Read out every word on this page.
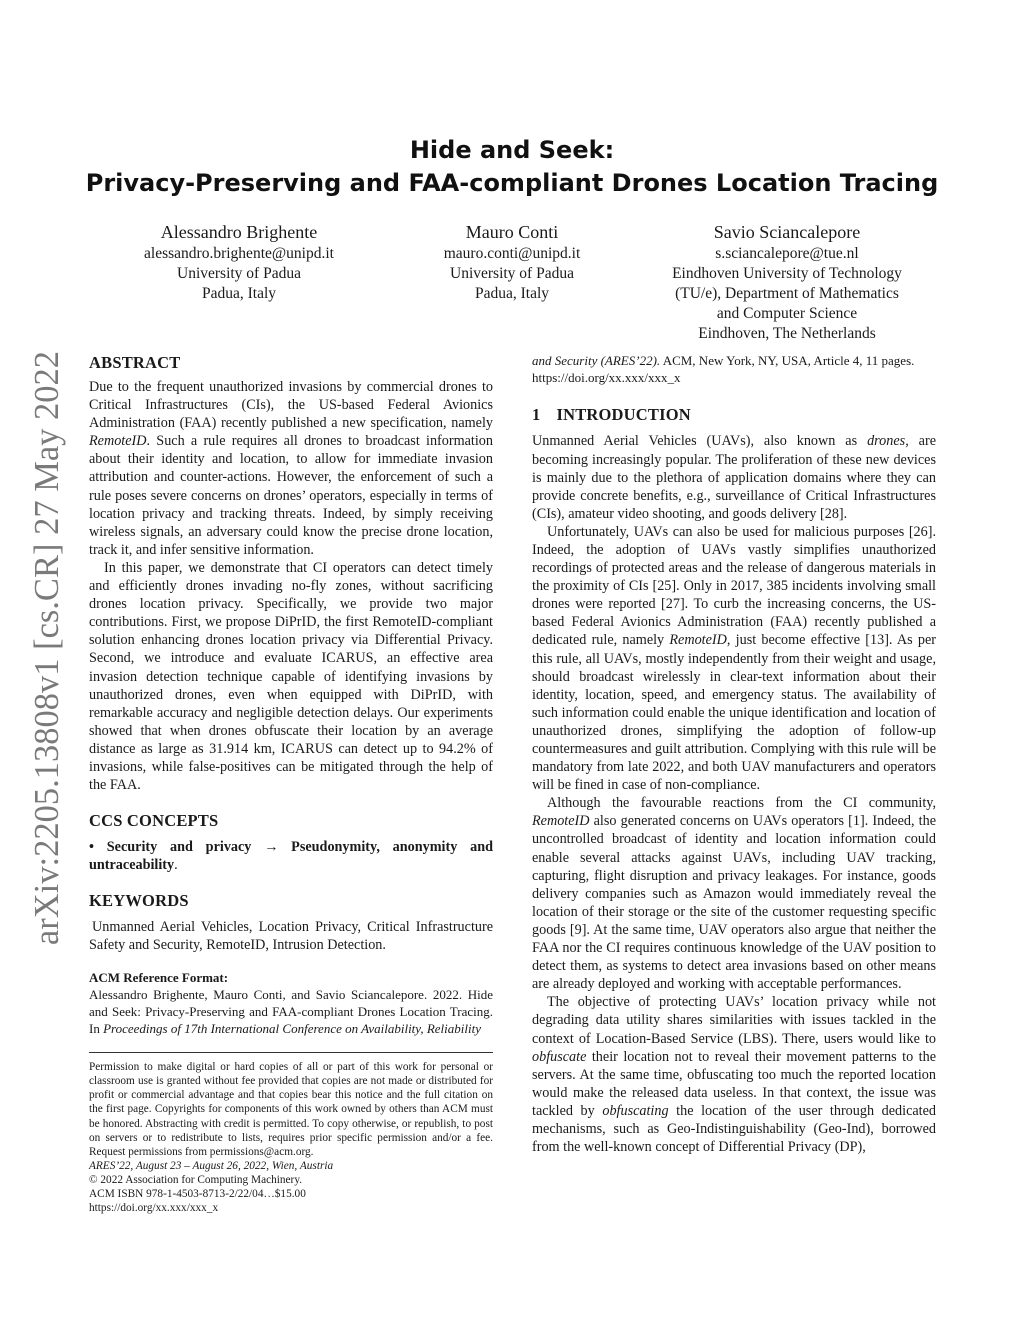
arXiv:2205.13808v1 [cs.CR] 27 May 2022
Hide and Seek:
Privacy-Preserving and FAA-compliant Drones Location Tracing
Alessandro Brighente
alessandro.brighente@unipd.it
University of Padua
Padua, Italy
Mauro Conti
mauro.conti@unipd.it
University of Padua
Padua, Italy
Savio Sciancalepore
s.sciancalepore@tue.nl
Eindhoven University of Technology
(TU/e), Department of Mathematics
and Computer Science
Eindhoven, The Netherlands
ABSTRACT

Due to the frequent unauthorized invasions by commercial drones to Critical Infrastructures (CIs), the US-based Federal Avionics Administration (FAA) recently published a new specification, namely RemoteID. Such a rule requires all drones to broadcast information about their identity and location, to allow for immediate invasion attribution and counter-actions. However, the enforcement of such a rule poses severe concerns on drones’ operators, especially in terms of location privacy and tracking threats. Indeed, by simply receiving wireless signals, an adversary could know the precise drone location, track it, and infer sensitive information.

In this paper, we demonstrate that CI operators can detect timely and efficiently drones invading no-fly zones, without sacrificing drones location privacy. Specifically, we provide two major contributions. First, we propose DiPrID, the first RemoteID-compliant solution enhancing drones location privacy via Differential Privacy. Second, we introduce and evaluate ICARUS, an effective area invasion detection technique capable of identifying invasions by unauthorized drones, even when equipped with DiPrID, with remarkable accuracy and negligible detection delays. Our experiments showed that when drones obfuscate their location by an average distance as large as 31.914 km, ICARUS can detect up to 94.2% of invasions, while false-positives can be mitigated through the help of the FAA.

CCS CONCEPTS

• Security and privacy → Pseudonymity, anonymity and untraceability.

KEYWORDS

Unmanned Aerial Vehicles, Location Privacy, Critical Infrastructure Safety and Security, RemoteID, Intrusion Detection.

ACM Reference Format:

Alessandro Brighente, Mauro Conti, and Savio Sciancalepore. 2022. Hide and Seek: Privacy-Preserving and FAA-compliant Drones Location Tracing. In Proceedings of 17th International Conference on Availability, Reliability

Permission to make digital or hard copies of all or part of this work for personal or classroom use is granted without fee provided that copies are not made or distributed for profit or commercial advantage and that copies bear this notice and the full citation on the first page. Copyrights for components of this work owned by others than ACM must be honored. Abstracting with credit is permitted. To copy otherwise, or republish, to post on servers or to redistribute to lists, requires prior specific permission and/or a fee. Request permissions from permissions@acm.org.

ARES’22, August 23 – August 26, 2022, Wien, Austria

© 2022 Association for Computing Machinery.

ACM ISBN 978-1-4503-8713-2/22/04…$15.00

https://doi.org/xx.xxx/xxx_x

and Security (ARES’22). ACM, New York, NY, USA, Article 4, 11 pages. https://doi.org/xx.xxx/xxx_x

1 INTRODUCTION

Unmanned Aerial Vehicles (UAVs), also known as drones, are becoming increasingly popular. The proliferation of these new devices is mainly due to the plethora of application domains where they can provide concrete benefits, e.g., surveillance of Critical Infrastructures (CIs), amateur video shooting, and goods delivery [28].

Unfortunately, UAVs can also be used for malicious purposes [26]. Indeed, the adoption of UAVs vastly simplifies unauthorized recordings of protected areas and the release of dangerous materials in the proximity of CIs [25]. Only in 2017, 385 incidents involving small drones were reported [27]. To curb the increasing concerns, the US-based Federal Avionics Administration (FAA) recently published a dedicated rule, namely RemoteID, just become effective [13]. As per this rule, all UAVs, mostly independently from their weight and usage, should broadcast wirelessly in clear-text information about their identity, location, speed, and emergency status. The availability of such information could enable the unique identification and location of unauthorized drones, simplifying the adoption of follow-up countermeasures and guilt attribution. Complying with this rule will be mandatory from late 2022, and both UAV manufacturers and operators will be fined in case of non-compliance.

Although the favourable reactions from the CI community, RemoteID also generated concerns on UAVs operators [1]. Indeed, the uncontrolled broadcast of identity and location information could enable several attacks against UAVs, including UAV tracking, capturing, flight disruption and privacy leakages. For instance, goods delivery companies such as Amazon would immediately reveal the location of their storage or the site of the customer requesting specific goods [9]. At the same time, UAV operators also argue that neither the FAA nor the CI requires continuous knowledge of the UAV position to detect them, as systems to detect area invasions based on other means are already deployed and working with acceptable performances.

The objective of protecting UAVs’ location privacy while not degrading data utility shares similarities with issues tackled in the context of Location-Based Service (LBS). There, users would like to obfuscate their location not to reveal their movement patterns to the servers. At the same time, obfuscating too much the reported location would make the released data useless. In that context, the issue was tackled by obfuscating the location of the user through dedicated mechanisms, such as Geo-Indistinguishability (Geo-Ind), borrowed from the well-known concept of Differential Privacy (DP),
